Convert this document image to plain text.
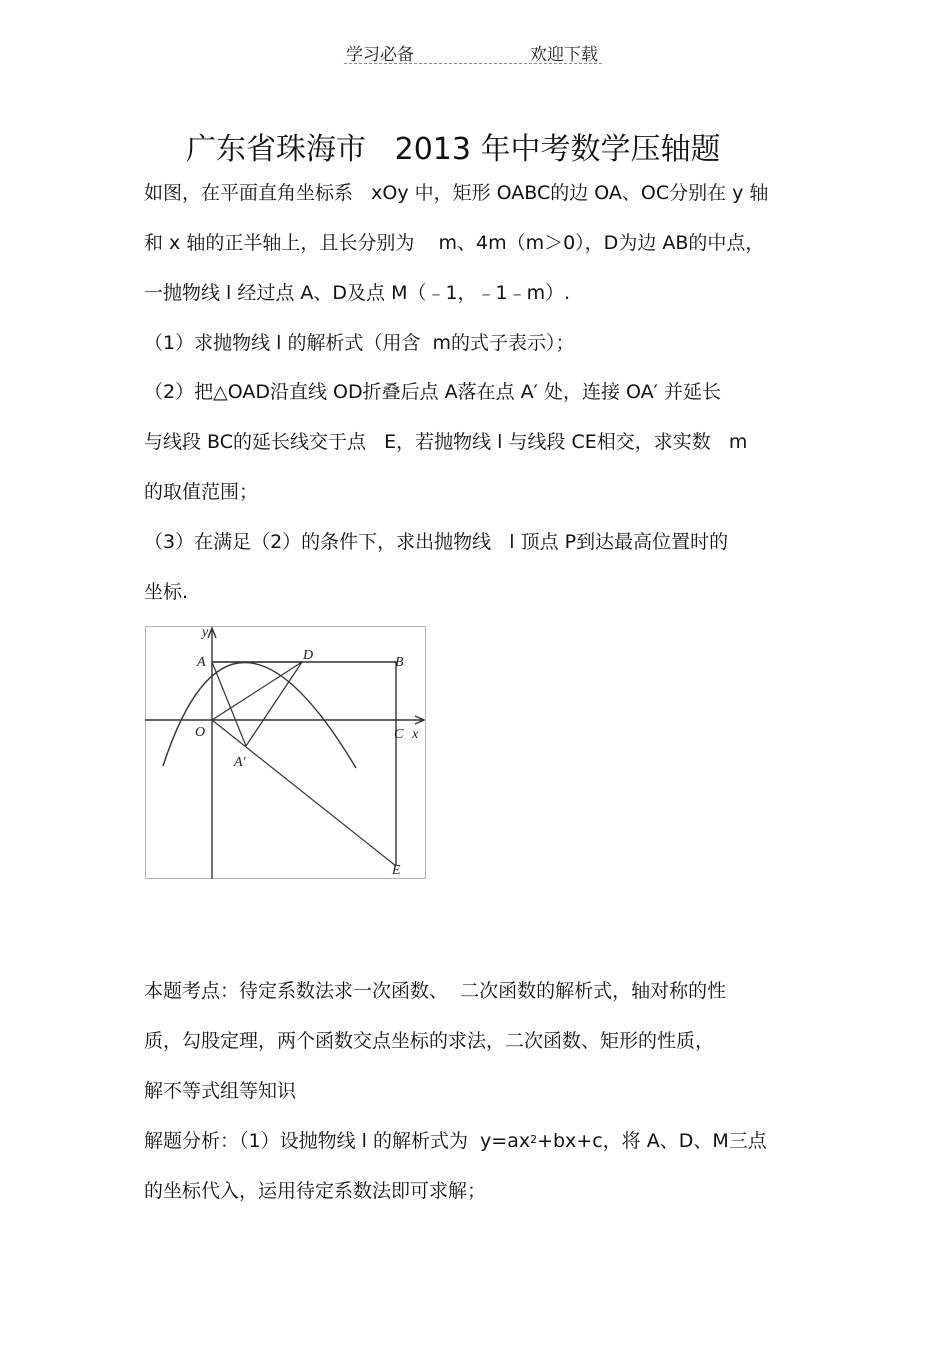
学习必备	欢迎下载
广东省珠海市   2013 年中考数学压轴题
如图，在平面直角坐标系   xOy 中，矩形 OABC的边 OA、OC分别在 y 轴
和 x 轴的正半轴上，且长分别为    m、4m（m＞0），D为边 AB的中点，
一抛物线 l 经过点 A、D及点 M（﹣1，﹣1﹣m）.
（1）求抛物线 l 的解析式（用含  m的式子表示）；
（2）把△OAD沿直线 OD折叠后点 A落在点 A′ 处，连接 OA′ 并延长
与线段 BC的延长线交于点   E，若抛物线 l 与线段 CE相交，求实数   m
的取值范围；
（3）在满足（2）的条件下，求出抛物线   l 顶点 P到达最高位置时的
坐标.
y
x
A	D	B
O	C
A′
E
本题考点：待定系数法求一次函数、  二次函数的解析式，轴对称的性
质，勾股定理，两个函数交点坐标的求法，二次函数、矩形的性质，
解不等式组等知识
解题分析：（1）设抛物线 l 的解析式为  $y=ax^2+bx+c$，将 A、D、M三点
的坐标代入，运用待定系数法即可求解；
